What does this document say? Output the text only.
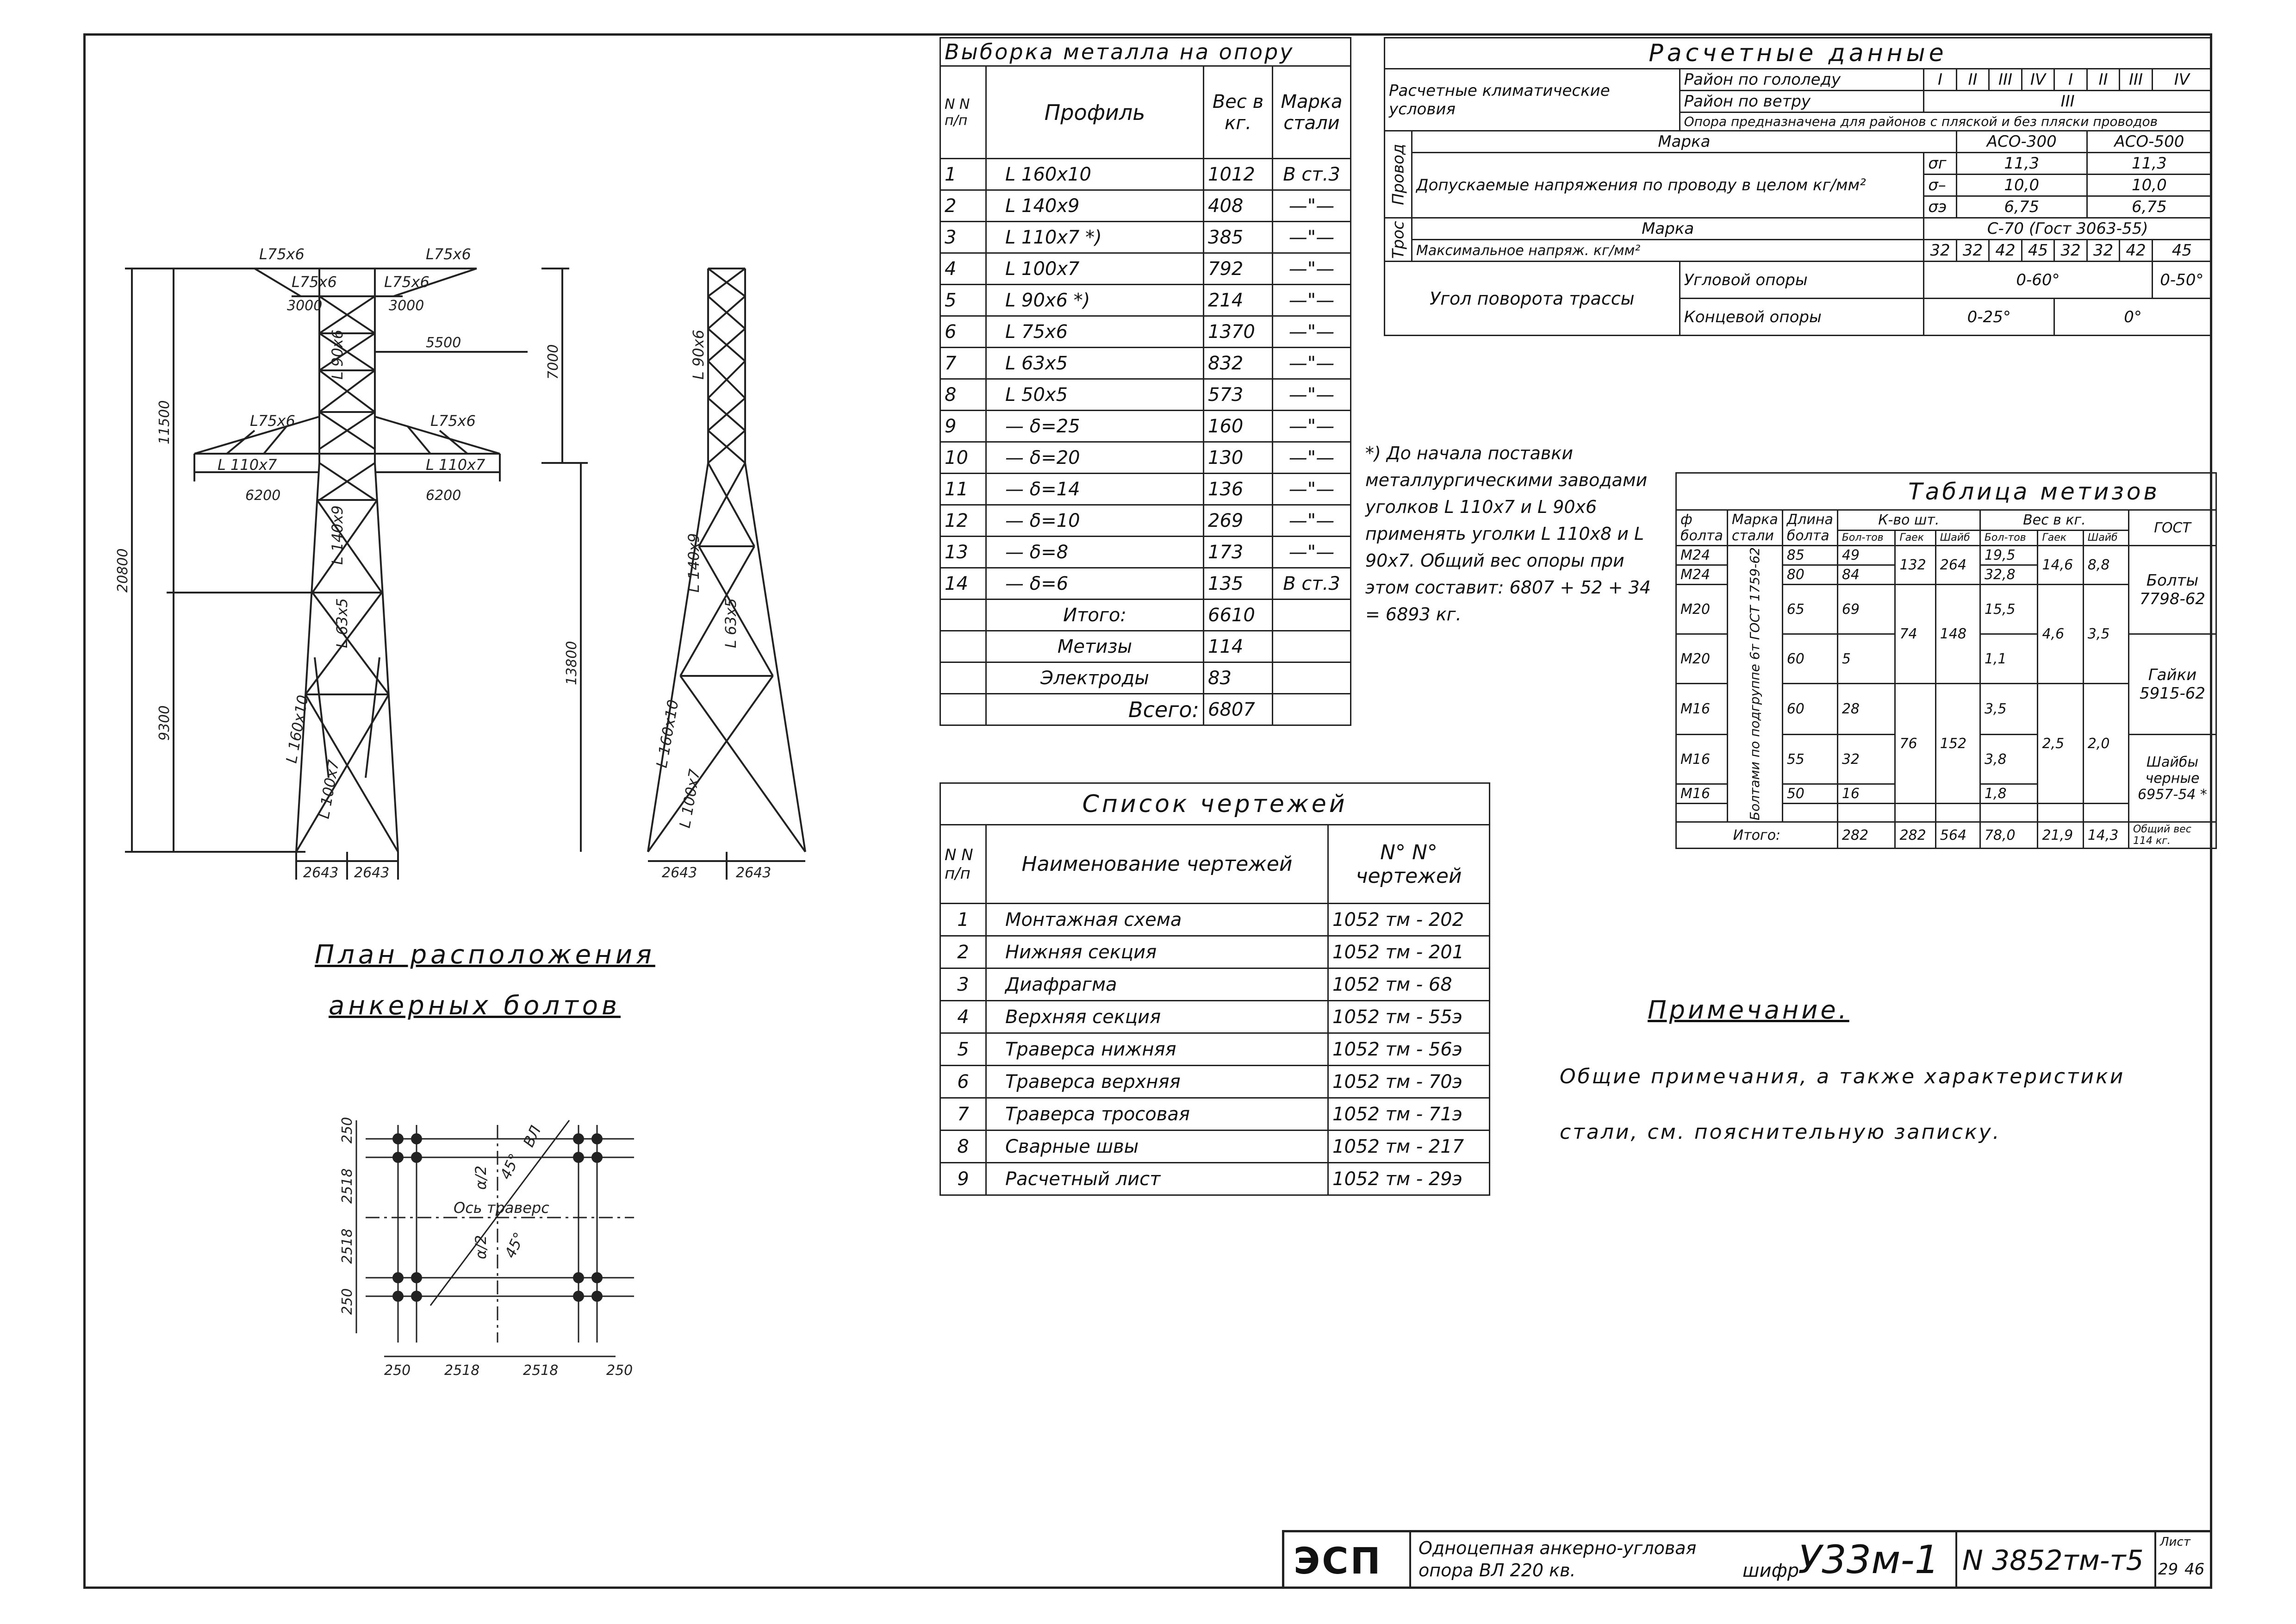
Выборка металла на опору			
N N п/п	Профиль	Вес в кг.	Марка стали
1	L 160х10	1012	В ст.3
2	L 140х9	408	—"—
3	L 110х7 *)	385	—"—
4	L 100х7	792	—"—
5	L 90х6 *)	214	—"—
6	L 75х6	1370	—"—
7	L 63х5	832	—"—
8	L 50х5	573	—"—
9	— δ=25	160	—"—
10	— δ=20	130	—"—
11	— δ=14	136	—"—
12	— δ=10	269	—"—
13	— δ=8	173	—"—
14	— δ=6	135	В ст.3
	Итого:	6610	
	Метизы	114	
	Электроды	83	
	Всего:	6807	
Расчетные данные										
Расчетные климатические условия		Район по гололеду	I	II	III	IV	I	II	III	IV
		Район по ветру	III							
		Опора предназначена для районов с пляской и без пляски проводов								
Провод	Марка			АСО-300				АСО-500		
	Допускаемые напряжения по проводу в целом кг/мм²		σг	11,3				11,3		
			σ–	10,0				10,0		
			σэ	6,75				6,75		
Трос	Марка		С-70 (Гост 3063-55)							
	Максимальное напряж. кг/мм²		32	32	42	45	32	32	42	45
Угол поворота трассы		Угловой опоры	0-60°							0-50°
		Концевой опоры	0-25°				0°			
*) До начала поставки металлургическими заводами уголков L 110х7 и L 90х6 применять уголки L 110х8 и L 90х7. Общий вес опоры при этом составит: 6807 + 52 + 34 = 6893 кг.
Список чертежей		
N N п/п	Наименование чертежей	N° N° чертежей
1	Монтажная схема	1052 тм - 202
2	Нижняя секция	1052 тм - 201
3	Диафрагма	1052 тм - 68
4	Верхняя секция	1052 тм - 55э
5	Траверса нижняя	1052 тм - 56э
6	Траверса верхняя	1052 тм - 70э
7	Траверса тросовая	1052 тм - 71э
8	Сварные швы	1052 тм - 217
9	Расчетный лист	1052 тм - 29э
Таблица метизов									
ф болта	Марка стали	Длина болта	К-во шт.			Вес в кг.			ГОСТ
			Бол-тов	Гаек	Шайб	Бол-тов	Гаек	Шайб	
M24	Болтами по подгруппе 6т ГОСТ 1759-62	85	49	132	264	19,5	14,6	8,8	Болты 7798-62
M24		80	84			32,8			
M20		65	69	74	148	15,5	4,6	3,5	
M20		60	5			1,1			Гайки 5915-62
M16		60	28	76	152	3,5	2,5	2,0	
M16		55	32			3,8			Шайбы черные 6957-54 *
M16		50	16			1,8			

Итого:			282	282	564	78,0	21,9	14,3	Общий вес 114 кг.
Примечание.
Общие примечания, а также характеристики
стали, см. пояснительную записку.
План расположения
анкерных болтов
L75х6	L75х6
L75х6	L75х6
3000	3000
5500
L 90х6
L75х6	L75х6
L 110х7	L 110х7
6200	6200
L 140х9
L 160х10
L 100х7
L 63х5
20800
11500
9300
7000
13800
2643 2643
L 90х6
L 140х9
L 160х10
L 100х7
L 63х5
2643	2643
250
2518
2518
250
250 2518	2518	250
Ось траверс
ВЛ
α/2
α/2
45°
45°
ЭСП Одноцепная анкерно-угловая
опора ВЛ 220 кв.	шифр
У33м-1 N 3852тм-т5
Лист
29 46
